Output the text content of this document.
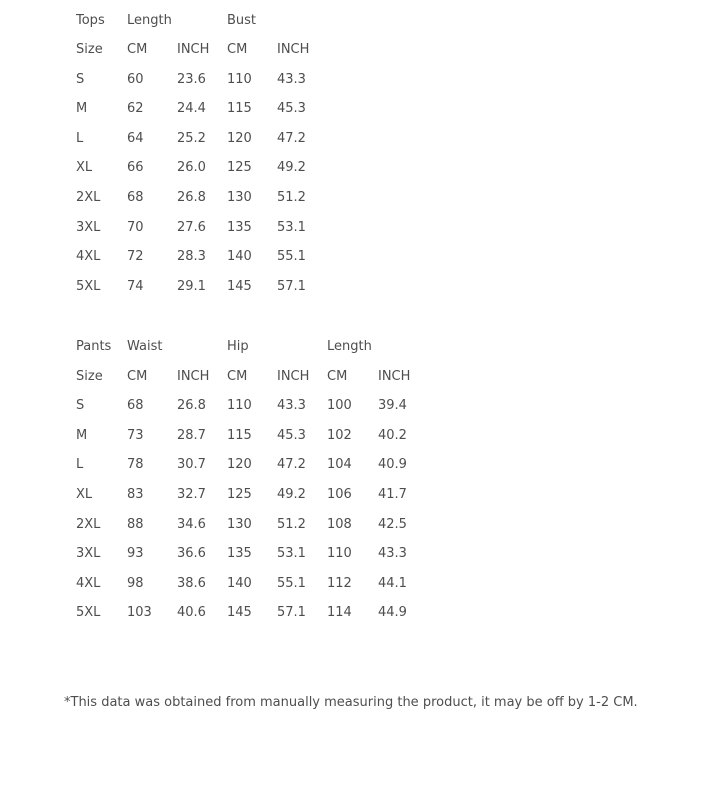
Tops	Length		Bust	
Size	CM	INCH	CM	INCH
S	60	23.6	110	43.3
M	62	24.4	115	45.3
L	64	25.2	120	47.2
XL	66	26.0	125	49.2
2XL	68	26.8	130	51.2
3XL	70	27.6	135	53.1
4XL	72	28.3	140	55.1
5XL	74	29.1	145	57.1
Pants	Waist		Hip		Length	
Size	CM	INCH	CM	INCH	CM	INCH
S	68	26.8	110	43.3	100	39.4
M	73	28.7	115	45.3	102	40.2
L	78	30.7	120	47.2	104	40.9
XL	83	32.7	125	49.2	106	41.7
2XL	88	34.6	130	51.2	108	42.5
3XL	93	36.6	135	53.1	110	43.3
4XL	98	38.6	140	55.1	112	44.1
5XL	103	40.6	145	57.1	114	44.9

*This data was obtained from manually measuring the product, it may be off by 1-2 CM.
